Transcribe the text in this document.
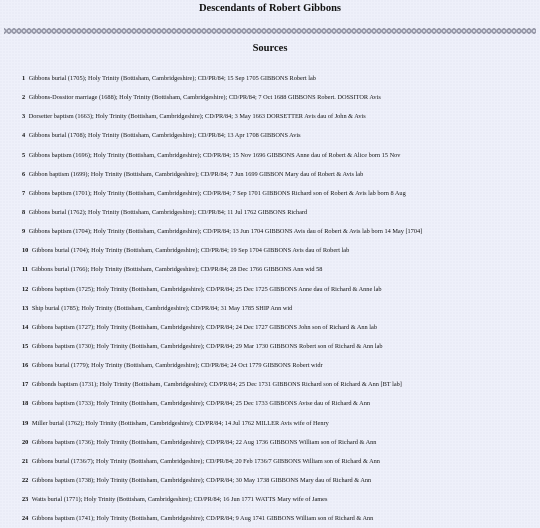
Descendants of Robert Gibbons
Sources
1 Gibbons burial (1705); Holy Trinity (Bottisham, Cambridgeshire); CD/PR/84; 15 Sep 1705 GIBBONS Robert lab
2 Gibbons-Dossitor marriage (1688); Holy Trinity (Bottisham, Cambridgeshire); CD/PR/84; 7 Oct 1688 GIBBONS Robert. DOSSITOR Avis
3 Dorsetter baptism (1663); Holy Trinity (Bottisham, Cambridgeshire); CD/PR/84; 3 May 1663 DORSETTER Avis dau of John & Avis
4 Gibbons burial (1708); Holy Trinity (Bottisham, Cambridgeshire); CD/PR/84; 13 Apr 1708 GIBBONS Avis
5 Gibbons baptism (1696); Holy Trinity (Bottisham, Cambridgeshire); CD/PR/84; 15 Nov 1696 GIBBONS Anne dau of Robert & Alice born 15 Nov
6 Gibbon baptism (1699); Holy Trinity (Bottisham, Cambridgeshire); CD/PR/84; 7 Jun 1699 GIBBON Mary dau of Robert & Avis lab
7 Gibbons baptism (1701); Holy Trinity (Bottisham, Cambridgeshire); CD/PR/84; 7 Sep 1701 GIBBONS Richard son of Robert & Avis lab born 8 Aug
8 Gibbons burial (1762); Holy Trinity (Bottisham, Cambridgeshire); CD/PR/84; 11 Jul 1762 GIBBONS Richard
9 Gibbons baptism (1704); Holy Trinity (Bottisham, Cambridgeshire); CD/PR/84; 13 Jun 1704 GIBBONS Avis dau of Robert & Avis lab born 14 May [1704]
10 Gibbons burial (1704); Holy Trinity (Bottisham, Cambridgeshire); CD/PR/84; 19 Sep 1704 GIBBONS Avis dau of Robert lab
11 Gibbons burial (1766); Holy Trinity (Bottisham, Cambridgeshire); CD/PR/84; 28 Dec 1766 GIBBONS Ann wid 58
12 Gibbons baptism (1725); Holy Trinity (Bottisham, Cambridgeshire); CD/PR/84; 25 Dec 1725 GIBBONS Anne dau of Richard & Anne lab
13 Ship burial (1785); Holy Trinity (Bottisham, Cambridgeshire); CD/PR/84; 31 May 1785 SHIP Ann wid
14 Gibbons baptism (1727); Holy Trinity (Bottisham, Cambridgeshire); CD/PR/84; 24 Dec 1727 GIBBONS John son of Richard & Ann lab
15 Gibbons baptism (1730); Holy Trinity (Bottisham, Cambridgeshire); CD/PR/84; 29 Mar 1730 GIBBONS Robert son of Richard & Ann lab
16 Gibbons burial (1779); Holy Trinity (Bottisham, Cambridgeshire); CD/PR/84; 24 Oct 1779 GIBBONS Robert widr
17 Gibbonds baptism (1731); Holy Trinity (Bottisham, Cambridgeshire); CD/PR/84; 25 Dec 1731 GIBBONS Richard son of Richard & Ann [BT lab]
18 Gibbons baptism (1733); Holy Trinity (Bottisham, Cambridgeshire); CD/PR/84; 25 Dec 1733 GIBBONS Avise dau of Richard & Ann
19 Miller burial (1762); Holy Trinity (Bottisham, Cambridgeshire); CD/PR/84; 14 Jul 1762 MILLER Avis wife of Henry
20 Gibbons baptism (1736); Holy Trinity (Bottisham, Cambridgeshire); CD/PR/84; 22 Aug 1736 GIBBONS William son of Richard & Ann
21 Gibbons burial (1736/7); Holy Trinity (Bottisham, Cambridgeshire); CD/PR/84; 20 Feb 1736/7 GIBBONS William son of Richard & Ann
22 Gibbons baptism (1738); Holy Trinity (Bottisham, Cambridgeshire); CD/PR/84; 30 May 1738 GIBBONS Mary dau of Richard & Ann
23 Watts burial (1771); Holy Trinity (Bottisham, Cambridgeshire); CD/PR/84; 16 Jun 1771 WATTS Mary wife of James
24 Gibbons baptism (1741); Holy Trinity (Bottisham, Cambridgeshire); CD/PR/84; 9 Aug 1741 GIBBONS William son of Richard & Ann
